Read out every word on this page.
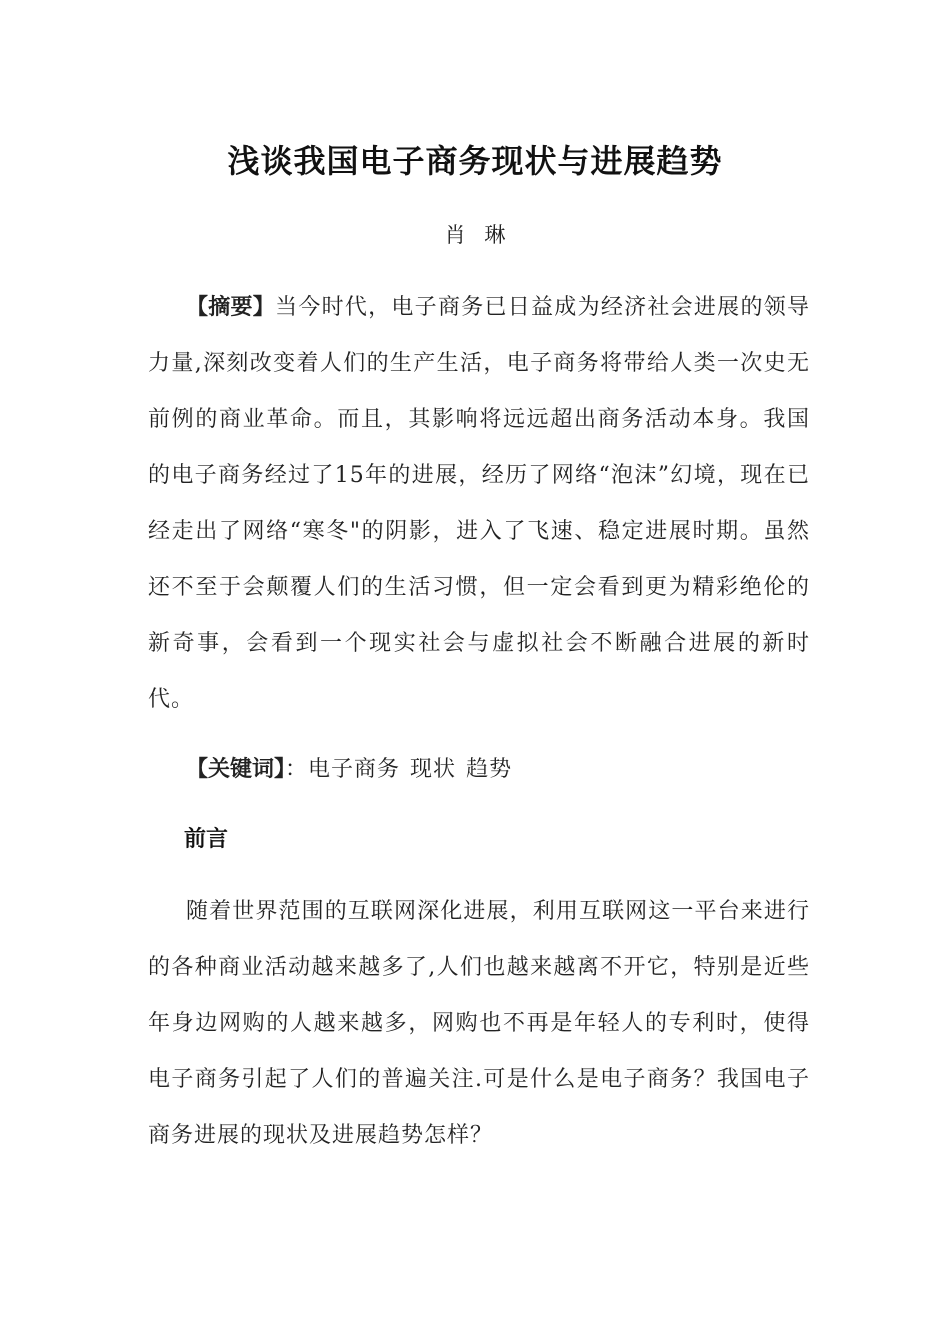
浅谈我国电子商务现状与进展趋势

肖 琳

【摘要】当今时代，电子商务已日益成为经济社会进展的领导力量,深刻改变着人们的生产生活，电子商务将带给人类一次史无前例的商业革命。而且，其影响将远远超出商务活动本身。我国的电子商务经过了15年的进展，经历了网络“泡沫”幻境，现在已经走出了网络“寒冬"的阴影，进入了飞速、稳定进展时期。虽然还不至于会颠覆人们的生活习惯，但一定会看到更为精彩绝伦的新奇事，会看到一个现实社会与虚拟社会不断融合进展的新时代。

【关键词】：电子商务 现状 趋势

前言

随着世界范围的互联网深化进展，利用互联网这一平台来进行的各种商业活动越来越多了,人们也越来越离不开它，特别是近些年身边网购的人越来越多，网购也不再是年轻人的专利时，使得电子商务引起了人们的普遍关注.可是什么是电子商务？我国电子商务进展的现状及进展趋势怎样？
